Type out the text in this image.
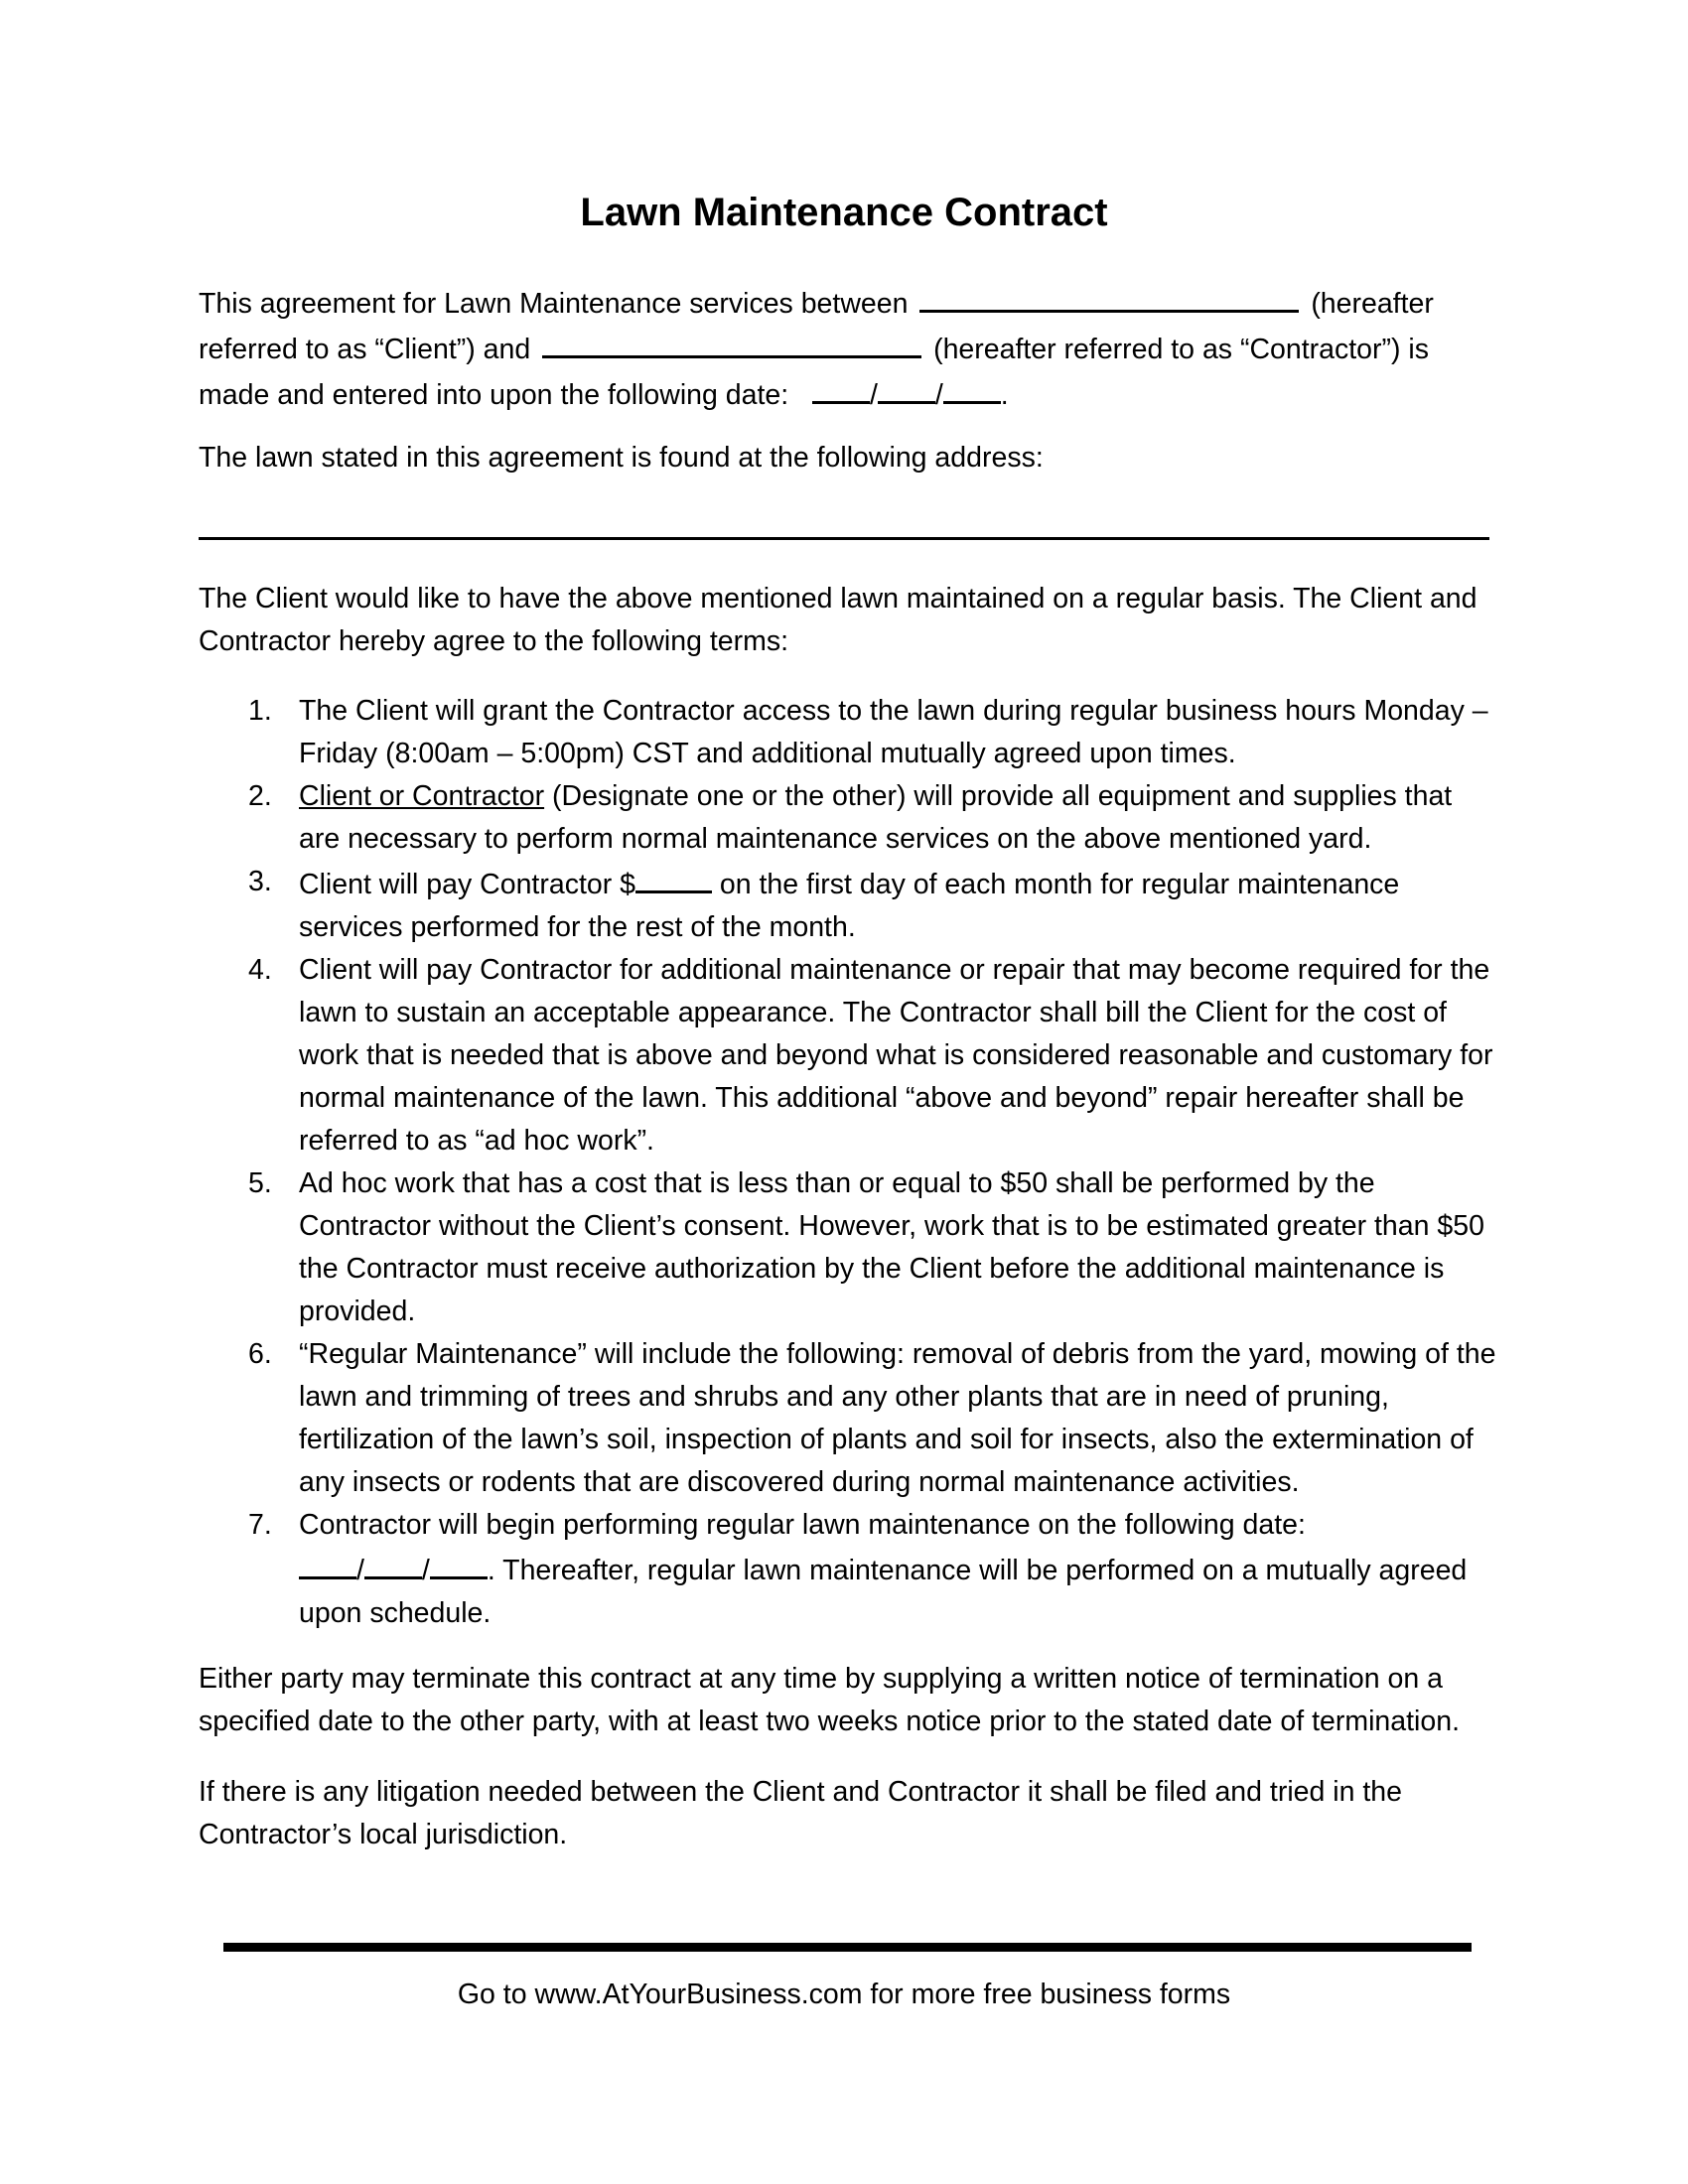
Lawn Maintenance Contract
This agreement for Lawn Maintenance services between	(hereafter referred to as “Client”) and	(hereafter referred to as “Contractor”) is made and entered into upon the following date:	/ / .
The lawn stated in this agreement is found at the following address:
The Client would like to have the above mentioned lawn maintained on a regular basis. The Client and Contractor hereby agree to the following terms:
1. The Client will grant the Contractor access to the lawn during regular business hours Monday – Friday (8:00am – 5:00pm) CST and additional mutually agreed upon times.
2. Client or Contractor (Designate one or the other) will provide all equipment and supplies that are necessary to perform normal maintenance services on the above mentioned yard.
3. Client will pay Contractor $	on the first day of each month for regular maintenance services performed for the rest of the month.
4. Client will pay Contractor for additional maintenance or repair that may become required for the lawn to sustain an acceptable appearance. The Contractor shall bill the Client for the cost of work that is needed that is above and beyond what is considered reasonable and customary for normal maintenance of the lawn. This additional “above and beyond” repair hereafter shall be referred to as “ad hoc work”.
5. Ad hoc work that has a cost that is less than or equal to $50 shall be performed by the Contractor without the Client’s consent. However, work that is to be estimated greater than $50 the Contractor must receive authorization by the Client before the additional maintenance is provided.
6. “Regular Maintenance” will include the following: removal of debris from the yard, mowing of the lawn and trimming of trees and shrubs and any other plants that are in need of pruning, fertilization of the lawn’s soil, inspection of plants and soil for insects, also the extermination of any insects or rodents that are discovered during normal maintenance activities.
7. Contractor will begin performing regular lawn maintenance on the following date:
/ / . Thereafter, regular lawn maintenance will be performed on a mutually agreed upon schedule.
Either party may terminate this contract at any time by supplying a written notice of termination on a specified date to the other party, with at least two weeks notice prior to the stated date of termination.
If there is any litigation needed between the Client and Contractor it shall be filed and tried in the Contractor’s local jurisdiction.
Go to www.AtYourBusiness.com for more free business forms
